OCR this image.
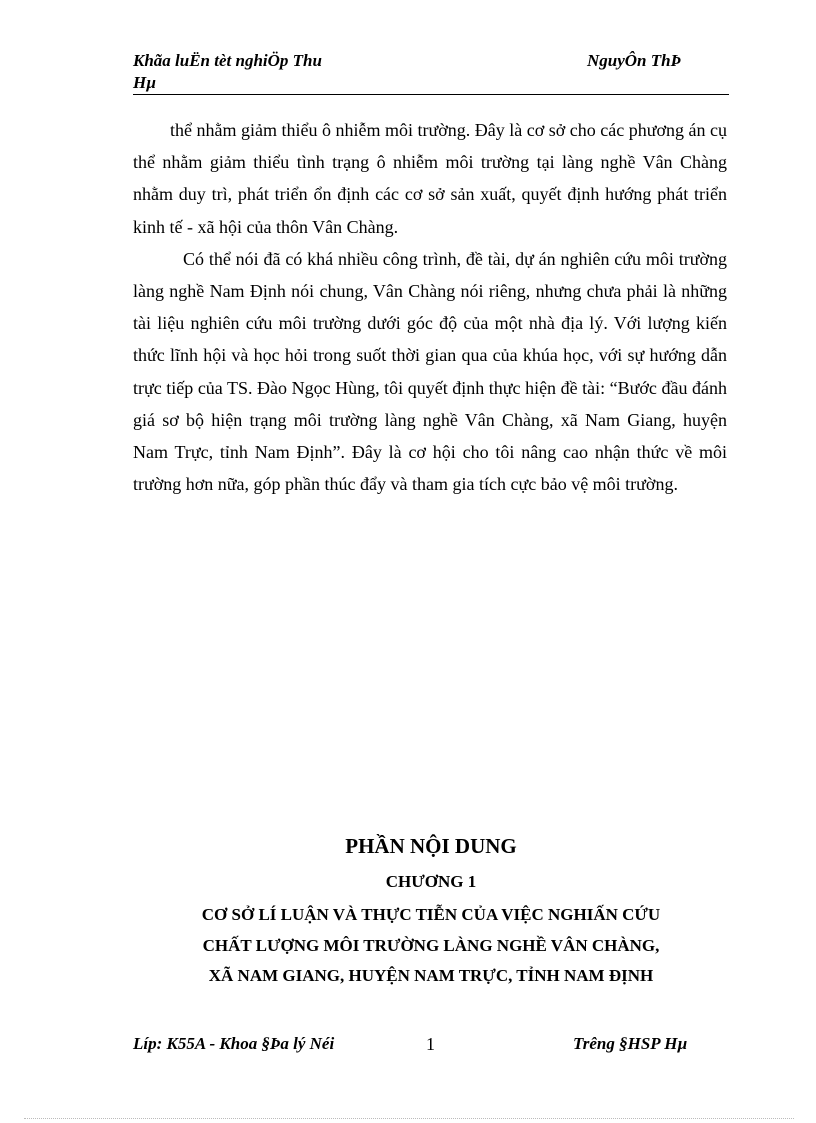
Khãa luËn tèt nghiÖp Thu Hµ
NguyÔn ThÞ

thể nhằm giảm thiểu ô nhiễm môi trường. Đây là cơ sở cho các phương án cụ thể nhằm giảm thiểu tình trạng ô nhiễm môi trường tại làng nghề Vân Chàng nhằm duy trì, phát triển ổn định các cơ sở sản xuất, quyết định hướng phát triển kinh tế - xã hội của thôn Vân Chàng.

Có thể nói đã có khá nhiều công trình, đề tài, dự án nghiên cứu môi trường làng nghề Nam Định nói chung, Vân Chàng nói riêng, nhưng chưa phải là những tài liệu nghiên cứu môi trường dưới góc độ của một nhà địa lý. Với lượng kiến thức lĩnh hội và học hỏi trong suốt thời gian qua của khúa học, với sự hướng dẫn trực tiếp của TS. Đào Ngọc Hùng, tôi quyết định thực hiện đề tài: “Bước đầu đánh giá sơ bộ hiện trạng môi trường làng nghề Vân Chàng, xã Nam Giang, huyện Nam Trực, tỉnh Nam Định”. Đây là cơ hội cho tôi nâng cao nhận thức về môi trường hơn nữa, góp phần thúc đẩy và tham gia tích cực bảo vệ môi trường.

PHẦN NỘI DUNG
CHƯƠNG 1
CƠ SỞ LÍ LUẬN VÀ THỰC TIỄN CỦA VIỆC NGHIẤN CỨU
CHẤT LƯỢNG MÔI TRƯỜNG LÀNG NGHỀ VÂN CHÀNG,
XÃ NAM GIANG, HUYỆN NAM TRỰC, TỈNH NAM ĐỊNH
Líp: K55A - Khoa §Þa lý Néi	1	Trêng §HSP Hµ
